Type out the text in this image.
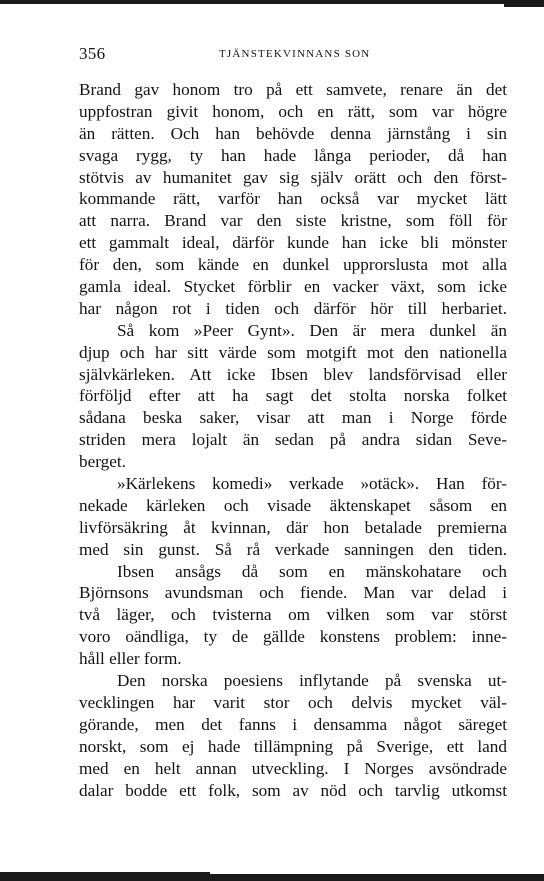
356	TJÄNSTEKVINNANS SON
Brand gav honom tro på ett samvete, renare än det
uppfostran givit honom, och en rätt, som var högre
än rätten. Och han behövde denna järnstång i sin
svaga rygg, ty han hade långa perioder, då han
stötvis av humanitet gav sig själv orätt och den först-
kommande rätt, varför han också var mycket lätt
att narra. Brand var den siste kristne, som föll för
ett gammalt ideal, därför kunde han icke bli mönster
för den, som kände en dunkel upprorslusta mot alla
gamla ideal. Stycket förblir en vacker växt, som icke
har någon rot i tiden och därför hör till herbariet.
Så kom »Peer Gynt». Den är mera dunkel än
djup och har sitt värde som motgift mot den nationella
självkärleken. Att icke Ibsen blev landsförvisad eller
förföljd efter att ha sagt det stolta norska folket
sådana beska saker, visar att man i Norge förde
striden mera lojalt än sedan på andra sidan Seve-
berget.
»Kärlekens komedi» verkade »otäck». Han för-
nekade kärleken och visade äktenskapet såsom en
livförsäkring åt kvinnan, där hon betalade premierna
med sin gunst. Så rå verkade sanningen den tiden.
Ibsen ansågs då som en mänskohatare och
Björnsons avundsman och fiende. Man var delad i
två läger, och tvisterna om vilken som var störst
voro oändliga, ty de gällde konstens problem: inne-
håll eller form.
Den norska poesiens inflytande på svenska ut-
vecklingen har varit stor och delvis mycket väl-
görande, men det fanns i densamma något säreget
norskt, som ej hade tillämpning på Sverige, ett land
med en helt annan utveckling. I Norges avsöndrade
dalar bodde ett folk, som av nöd och tarvlig utkomst
